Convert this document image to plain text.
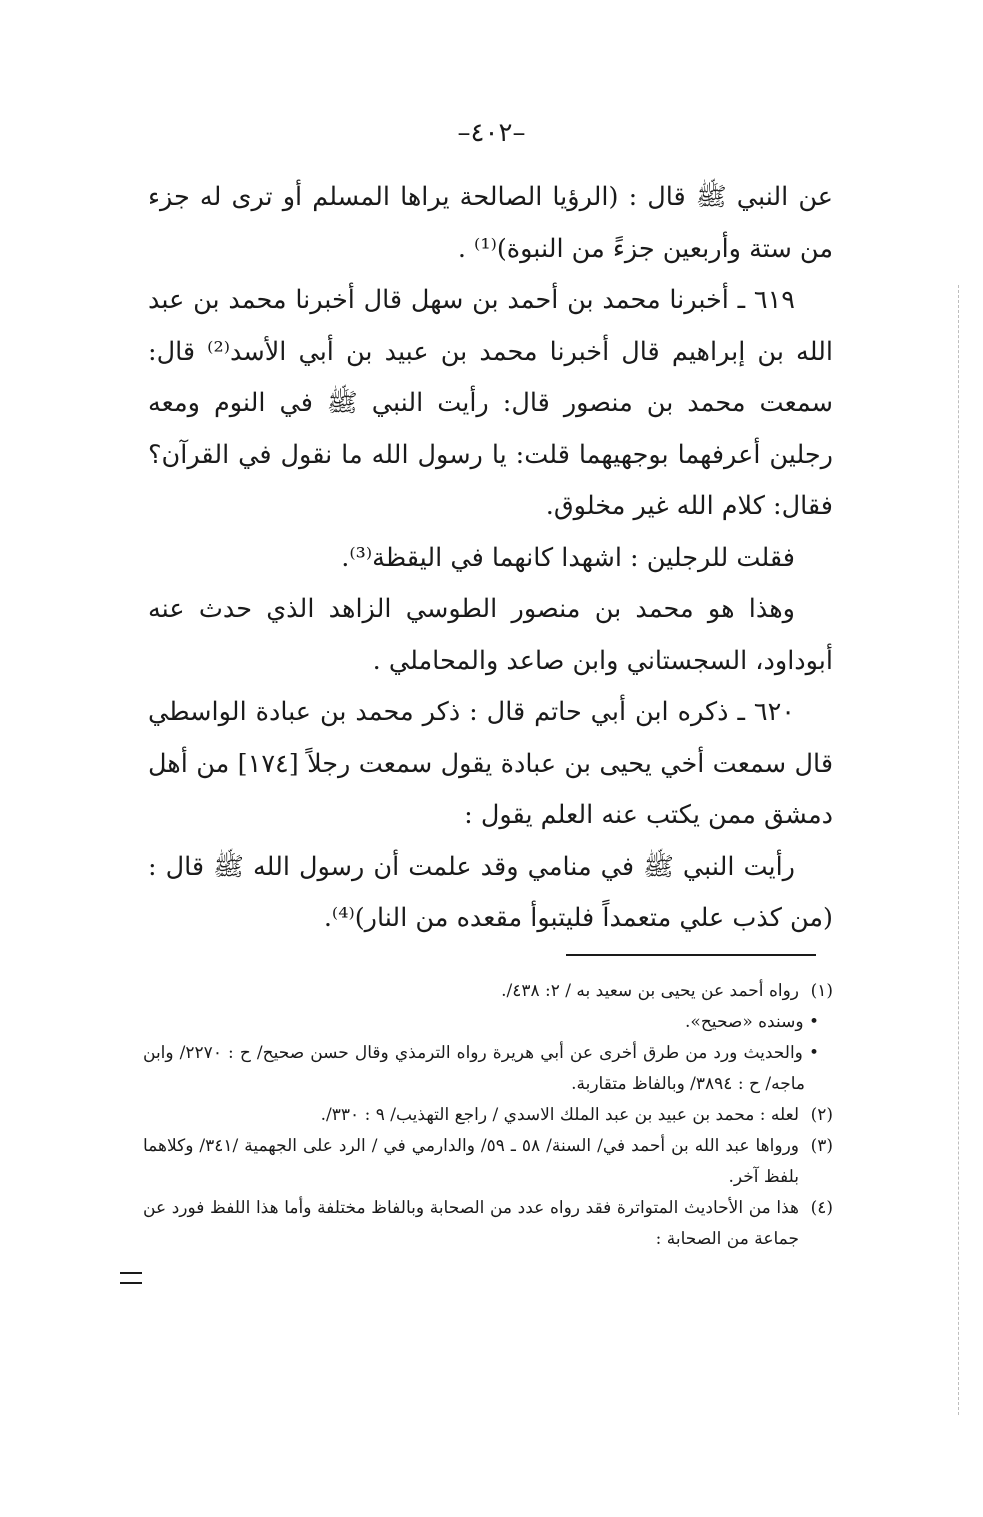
–٤٠٢–

عن النبي ﷺ قال : (الرؤيا الصالحة يراها المسلم أو ترى له جزء من ستة وأربعين جزءً من النبوة)⁽¹⁾ .

٦١٩ ـ أخبرنا محمد بن أحمد بن سهل قال أخبرنا محمد بن عبد الله بن إبراهيم قال أخبرنا محمد بن عبيد بن أبي الأسد⁽²⁾ قال: سمعت محمد بن منصور قال: رأيت النبي ﷺ في النوم ومعه رجلين أعرفهما بوجهيهما قلت: يا رسول الله ما نقول في القرآن؟ فقال: كلام الله غير مخلوق.

فقلت للرجلين : اشهدا كانهما في اليقظة⁽³⁾.

وهذا هو محمد بن منصور الطوسي الزاهد الذي حدث عنه أبوداود، السجستاني وابن صاعد والمحاملي .

٦٢٠ ـ ذكره ابن أبي حاتم قال : ذكر محمد بن عبادة الواسطي قال سمعت أخي يحيى بن عبادة يقول سمعت رجلاً [١٧٤] من أهل دمشق ممن يكتب عنه العلم يقول :

رأيت النبي ﷺ في منامي وقد علمت أن رسول الله ﷺ قال : (من كذب علي متعمداً فليتبوأ مقعده من النار)⁽⁴⁾.

(١)رواه أحمد عن يحيى بن سعيد به / ٢: ٤٣٨/.

• وسنده «صحيح».

• والحديث ورد من طرق أخرى عن أبي هريرة رواه الترمذي وقال حسن صحيح/ ح : ٢٢٧٠/ وابن ماجه/ ح : ٣٨٩٤/ وبالفاظ متقاربة.

(٢)لعله : محمد بن عبيد بن عبد الملك الاسدي / راجع التهذيب/ ٩ : ٣٣٠/.

(٣)ورواها عبد الله بن أحمد في/ السنة/ ٥٨ ـ ٥٩/ والدارمي في / الرد على الجهمية /٣٤١/ وكلاهما بلفظ آخر.

(٤)هذا من الأحاديث المتواترة فقد رواه عدد من الصحابة وبالفاظ مختلفة وأما هذا اللفظ فورد عن جماعة من الصحابة :
